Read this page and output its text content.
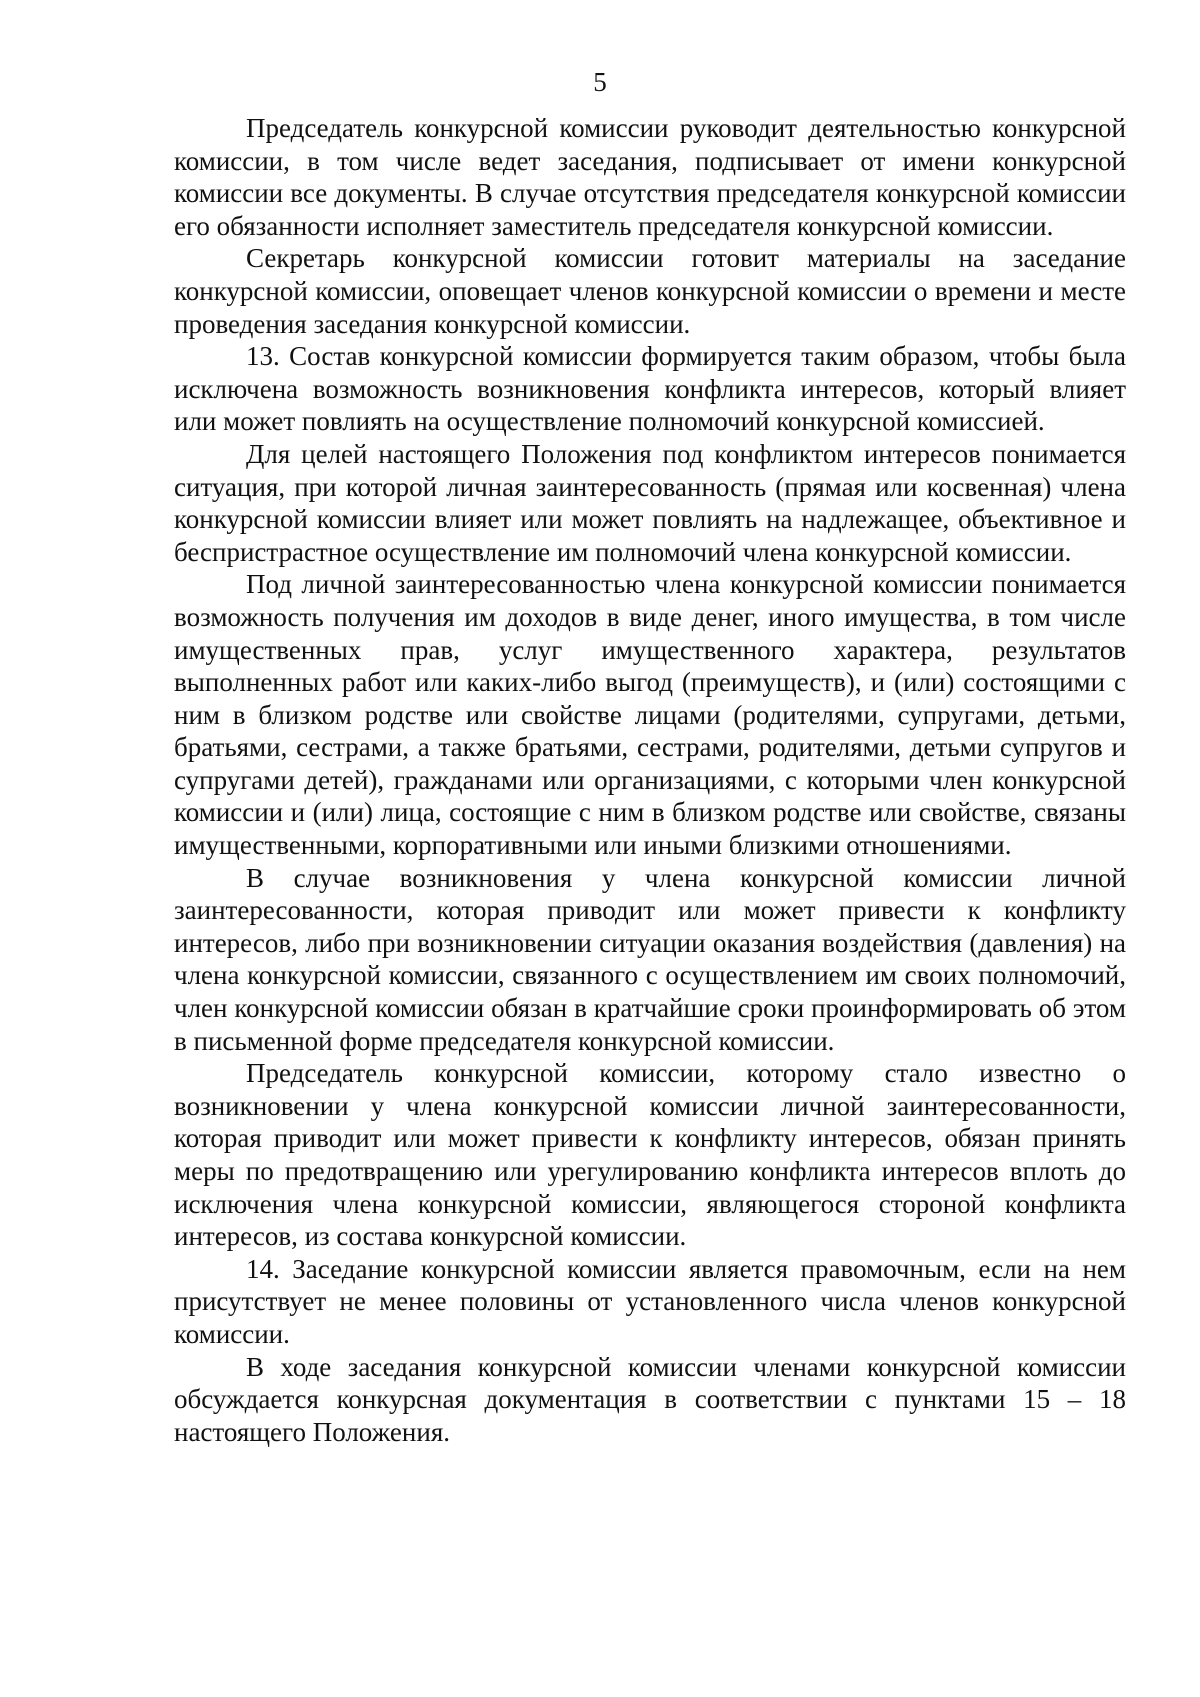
5

Председатель конкурсной комиссии руководит деятельностью конкурсной комиссии, в том числе ведет заседания, подписывает от имени конкурсной комиссии все документы. В случае отсутствия председателя конкурсной комиссии его обязанности исполняет заместитель председателя конкурсной комиссии.

Секретарь конкурсной комиссии готовит материалы на заседание конкурсной комиссии, оповещает членов конкурсной комиссии о времени и месте проведения заседания конкурсной комиссии.

13. Состав конкурсной комиссии формируется таким образом, чтобы была исключена возможность возникновения конфликта интересов, который влияет или может повлиять на осуществление полномочий конкурсной комиссией.

Для целей настоящего Положения под конфликтом интересов понимается ситуация, при которой личная заинтересованность (прямая или косвенная) члена конкурсной комиссии влияет или может повлиять на надлежащее, объективное и беспристрастное осуществление им полномочий члена конкурсной комиссии.

Под личной заинтересованностью члена конкурсной комиссии понимается возможность получения им доходов в виде денег, иного имущества, в том числе имущественных прав, услуг имущественного характера, результатов выполненных работ или каких-либо выгод (преимуществ), и (или) состоящими с ним в близком родстве или свойстве лицами (родителями, супругами, детьми, братьями, сестрами, а также братьями, сестрами, родителями, детьми супругов и супругами детей), гражданами или организациями, с которыми член конкурсной комиссии и (или) лица, состоящие с ним в близком родстве или свойстве, связаны имущественными, корпоративными или иными близкими отношениями.

В случае возникновения у члена конкурсной комиссии личной заинтересованности, которая приводит или может привести к конфликту интересов, либо при возникновении ситуации оказания воздействия (давления) на члена конкурсной комиссии, связанного с осуществлением им своих полномочий, член конкурсной комиссии обязан в кратчайшие сроки проинформировать об этом в письменной форме председателя конкурсной комиссии.

Председатель конкурсной комиссии, которому стало известно о возникновении у члена конкурсной комиссии личной заинтересованности, которая приводит или может привести к конфликту интересов, обязан принять меры по предотвращению или урегулированию конфликта интересов вплоть до исключения члена конкурсной комиссии, являющегося стороной конфликта интересов, из состава конкурсной комиссии.

14. Заседание конкурсной комиссии является правомочным, если на нем присутствует не менее половины от установленного числа членов конкурсной комиссии.

В ходе заседания конкурсной комиссии членами конкурсной комиссии обсуждается конкурсная документация в соответствии с пунктами 15 – 18 настоящего Положения.
